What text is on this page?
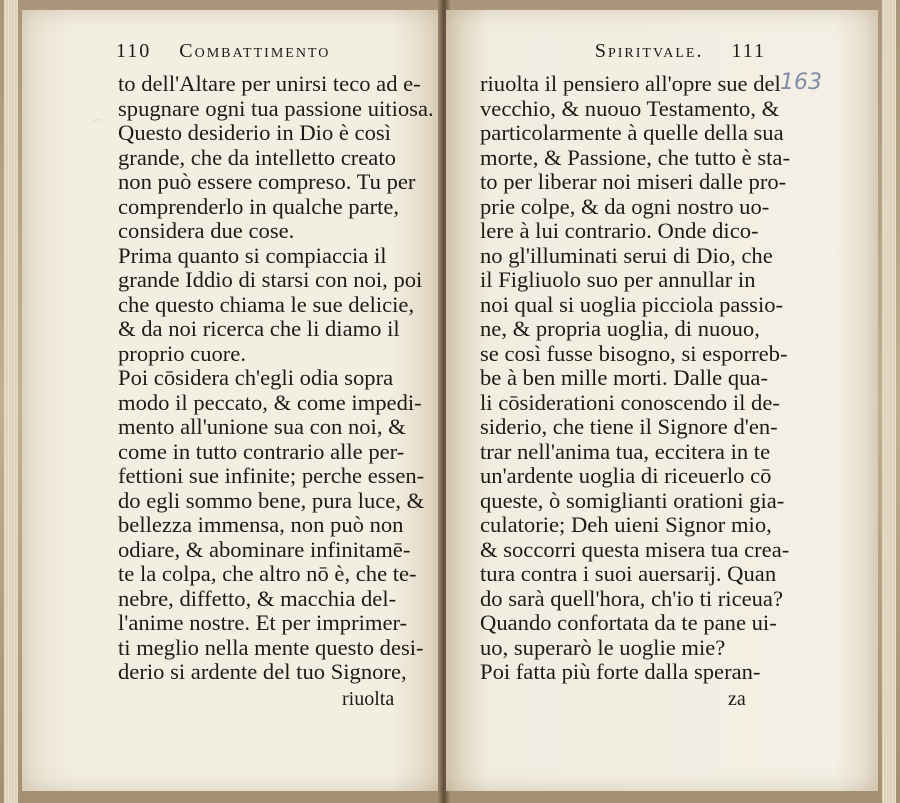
~
110 Combattimento
to dell'Altare per unirsi teco ad e-
spugnare ogni tua passione uitiosa.
Questo desiderio in Dio è così
grande, che da intelletto creato
non può essere compreso. Tu per
comprenderlo in qualche parte,
considera due cose.
Prima quanto si compiaccia il
grande Iddio di starsi con noi, poi
che questo chiama le sue delicie,
& da noi ricerca che li diamo il
proprio cuore.
Poi cōsidera ch'egli odia sopra
modo il peccato, & come impedi-
mento all'unione sua con noi, &
come in tutto contrario alle per-
fettioni sue infinite; perche essen-
do egli sommo bene, pura luce, &
bellezza immensa, non può non
odiare, & abominare infinitamē-
te la colpa, che altro nō è, che te-
nebre, diffetto, & macchia del-
l'anime nostre. Et per imprimer-
ti meglio nella mente questo desi-
derio si ardente del tuo Signore,
riuolta
Spiritvale. 111
163
riuolta il pensiero all'opre sue del
vecchio, & nuouo Testamento, &
particolarmente à quelle della sua
morte, & Passione, che tutto è sta-
to per liberar noi miseri dalle pro-
prie colpe, & da ogni nostro uo-
lere à lui contrario. Onde dico-
no gl'illuminati serui di Dio, che
il Figliuolo suo per annullar in
noi qual si uoglia picciola passio-
ne, & propria uoglia, di nuouo,
se così fusse bisogno, si esporreb-
be à ben mille morti. Dalle qua-
li cōsiderationi conoscendo il de-
siderio, che tiene il Signore d'en-
trar nell'anima tua, eccitera in te
un'ardente uoglia di riceuerlo cō
queste, ò somiglianti orationi gia-
culatorie; Deh uieni Signor mio,
& soccorri questa misera tua crea-
tura contra i suoi auersarij. Quan
do sarà quell'hora, ch'io ti riceua?
Quando confortata da te pane ui-
uo, superarò le uoglie mie?
Poi fatta più forte dalla speran-
za
